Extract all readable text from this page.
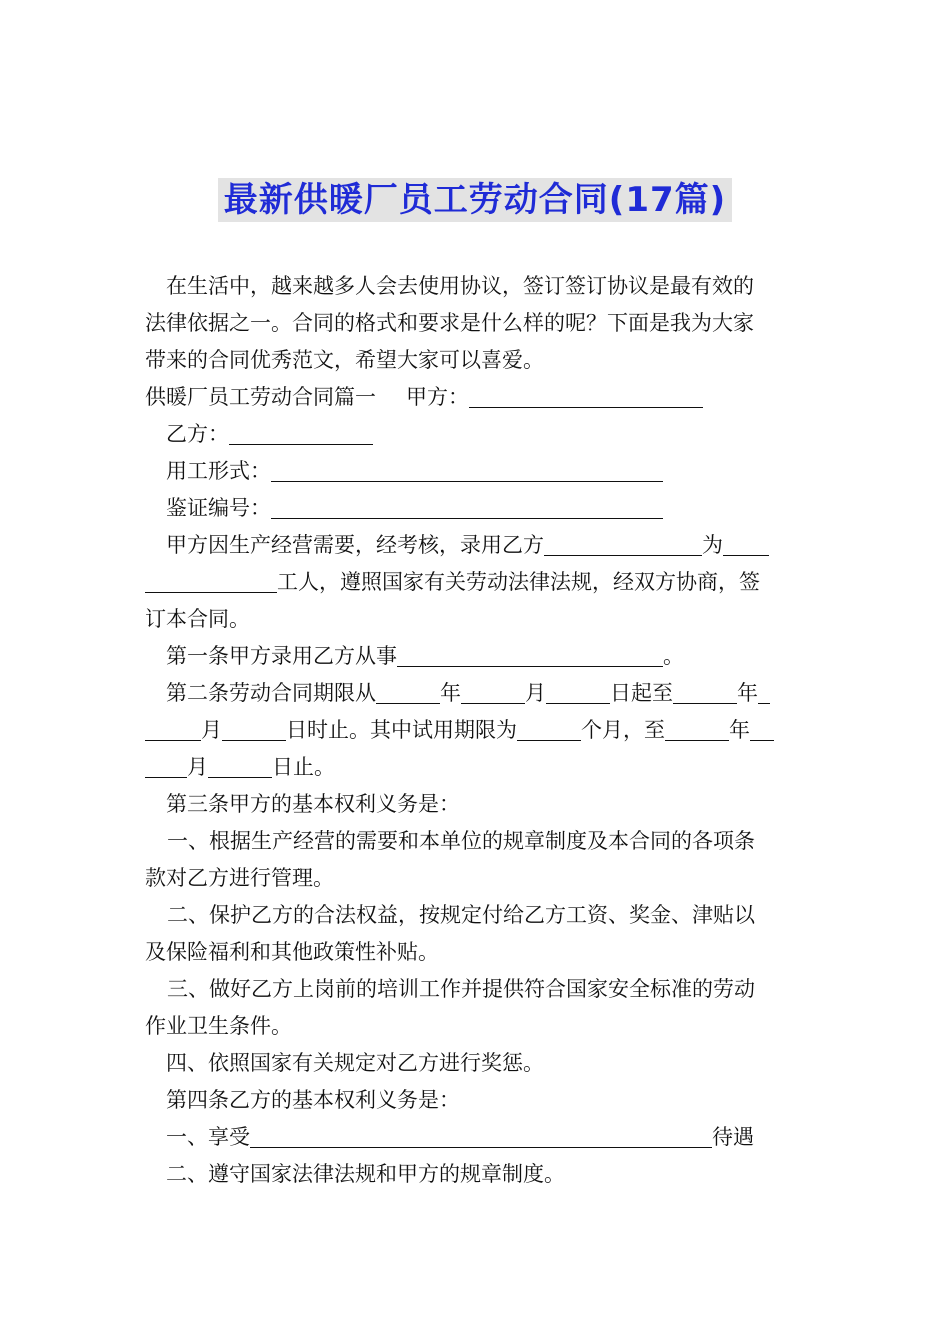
最新供暖厂员工劳动合同(17篇)
在生活中，越来越多人会去使用协议，签订签订协议是最有效的
法律依据之一。合同的格式和要求是什么样的呢？下面是我为大家
带来的合同优秀范文，希望大家可以喜爱。
供暖厂员工劳动合同篇一 甲方：
乙方：
用工形式：
鉴证编号：
甲方因生产经营需要，经考核，录用乙方	为
工人，遵照国家有关劳动法律法规，经双方协商，签
订本合同。
第一条甲方录用乙方从事	。
第二条劳动合同期限从	年	月	日起至	年
月	日时止。其中试用期限为	个月，至	年
月	日止。
第三条甲方的基本权利义务是：
一、根据生产经营的需要和本单位的规章制度及本合同的各项条
款对乙方进行管理。
二、保护乙方的合法权益，按规定付给乙方工资、奖金、津贴以
及保险福利和其他政策性补贴。
三、做好乙方上岗前的培训工作并提供符合国家安全标准的劳动
作业卫生条件。
四、依照国家有关规定对乙方进行奖惩。
第四条乙方的基本权利义务是：
一、享受	待遇
二、遵守国家法律法规和甲方的规章制度。
